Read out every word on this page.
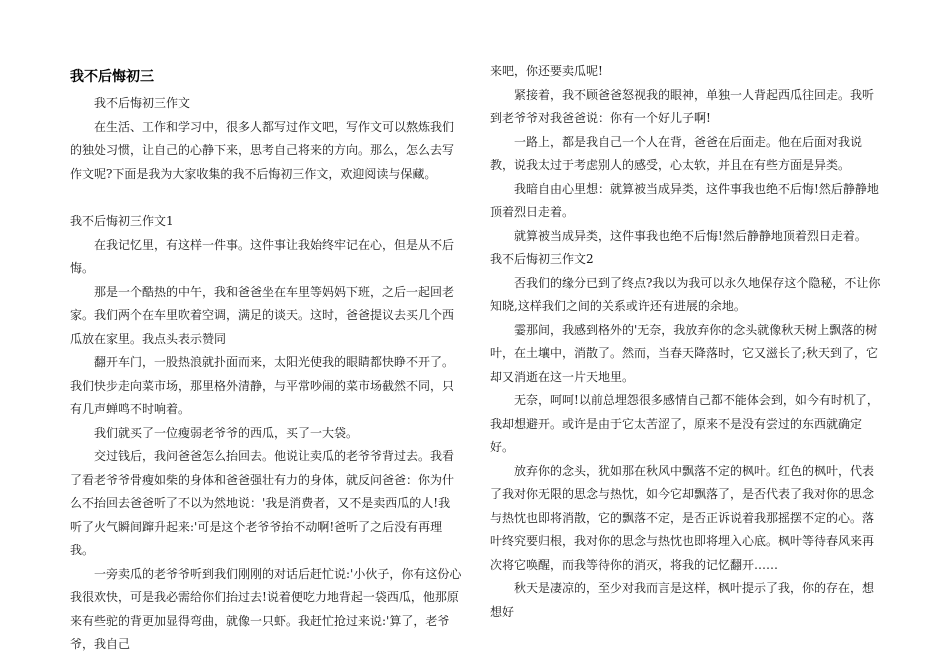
我不后悔初三

我不后悔初三作文

在生活、工作和学习中，很多人都写过作文吧，写作文可以熬炼我们的独处习惯，让自己的心静下来，思考自己将来的方向。那么，怎么去写作文呢?下面是我为大家收集的我不后悔初三作文，欢迎阅读与保藏。

我不后悔初三作文1

在我记忆里，有这样一件事。这件事让我始终牢记在心，但是从不后悔。

那是一个酷热的中午，我和爸爸坐在车里等妈妈下班，之后一起回老家。我们两个在车里吹着空调，满足的谈天。这时，爸爸提议去买几个西瓜放在家里。我点头表示赞同

翻开车门，一股热浪就扑面而来，太阳光使我的眼睛都快睁不开了。我们快步走向菜市场，那里格外清静，与平常吵闹的菜市场截然不同，只有几声蝉鸣不时响着。

我们就买了一位瘦弱老爷爷的西瓜，买了一大袋。

交过钱后，我问爸爸怎么抬回去。他说让卖瓜的老爷爷背过去。我看了看老爷爷骨瘦如柴的身体和爸爸强壮有力的身体，就反问爸爸：你为什么不抬回去爸爸听了不以为然地说：'我是消费者，又不是卖西瓜的人!我听了火气瞬间蹿升起来:'可是这个老爷爷抬不动啊!爸听了之后没有再理我。

一旁卖瓜的老爷爷听到我们刚刚的对话后赶忙说:'小伙子，你有这份心我很欢快，可是我必需给你们抬过去!说着便吃力地背起一袋西瓜，他那原来有些驼的背更加显得弯曲，就像一只虾。我赶忙抢过来说:'算了，老爷爷，我自己

来吧，你还要卖瓜呢!

紧接着，我不顾爸爸怒视我的眼神，单独一人背起西瓜往回走。我听到老爷爷对我爸爸说：你有一个好儿子啊!

一路上，都是我自己一个人在背，爸爸在后面走。他在后面对我说教，说我太过于考虑别人的感受，心太软，并且在有些方面是异类。

我暗自由心里想：就算被当成异类，这件事我也绝不后悔!然后静静地顶着烈日走着。

就算被当成异类，这件事我也绝不后悔!然后静静地顶着烈日走着。

我不后悔初三作文2

否我们的缘分已到了终点?我以为我可以永久地保存这个隐秘，不让你知晓,这样我们之间的关系或许还有进展的余地。

霎那间，我感到格外的'无奈，我放弃你的念头就像秋天树上飘落的树叶，在土壤中，消散了。然而，当春天降落时，它又滋长了;秋天到了，它却又消逝在这一片天地里。

无奈，呵呵!以前总埋怨很多感情自己都不能体会到，如今有时机了，我却想避开。或许是由于它太苦涩了，原来不是没有尝过的东西就确定好。

放弃你的念头，犹如那在秋风中飘落不定的枫叶。红色的枫叶，代表了我对你无限的思念与热忱，如今它却飘落了，是否代表了我对你的思念与热忱也即将消散，它的飘落不定，是否正诉说着我那摇摆不定的心。落叶终究要归根，我对你的思念与热忱也即将埋入心底。枫叶等待春风来再次将它唤醒，而我等待你的消灭，将我的记忆翻开……

秋天是凄凉的，至少对我而言是这样，枫叶提示了我，你的存在，想想好
